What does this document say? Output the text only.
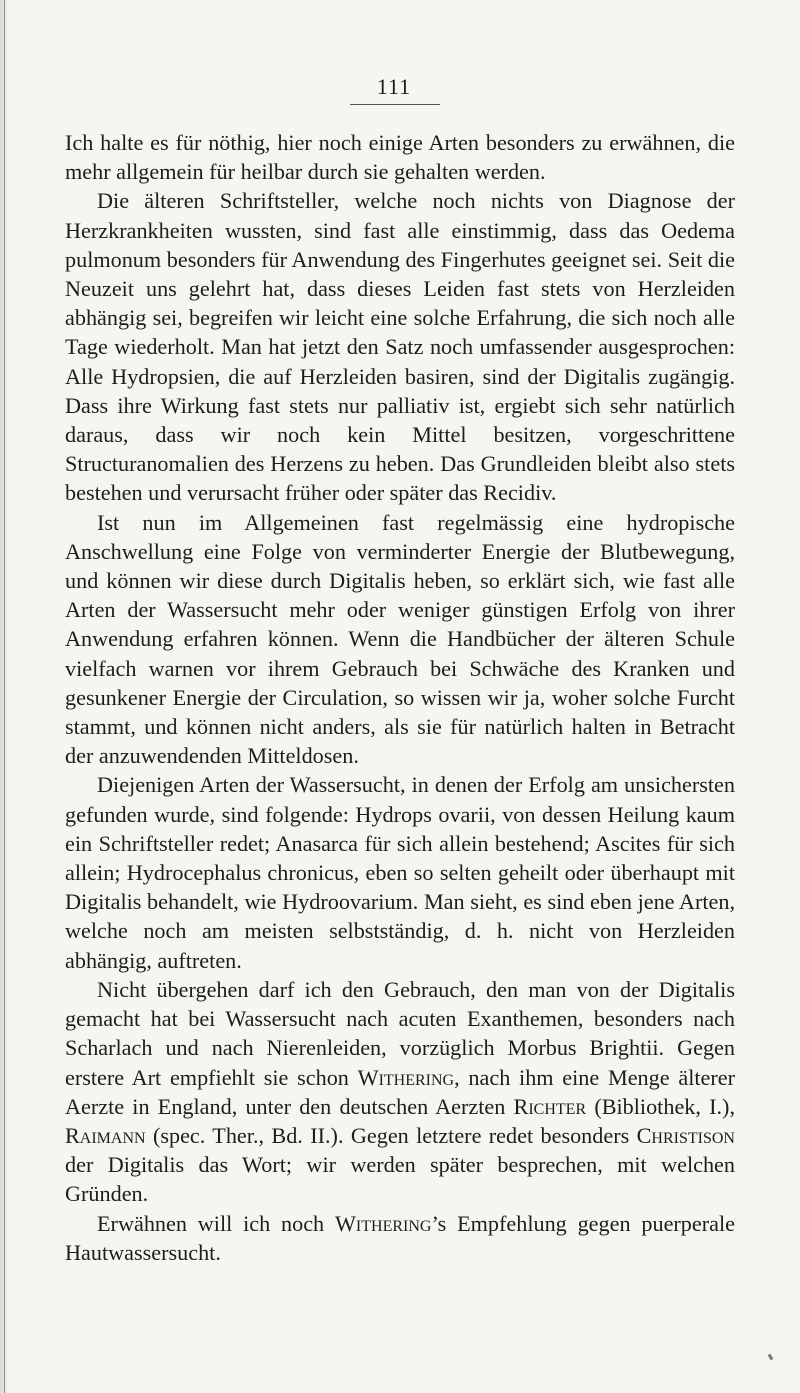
111

Ich halte es für nöthig, hier noch einige Arten besonders zu erwähnen, die mehr allgemein für heilbar durch sie gehalten werden.

Die älteren Schriftsteller, welche noch nichts von Diagnose der Herzkrankheiten wussten, sind fast alle einstimmig, dass das Oedema pulmonum besonders für Anwendung des Fingerhutes geeignet sei. Seit die Neuzeit uns gelehrt hat, dass dieses Leiden fast stets von Herzleiden abhängig sei, begreifen wir leicht eine solche Erfahrung, die sich noch alle Tage wiederholt. Man hat jetzt den Satz noch umfassender ausgesprochen: Alle Hydropsien, die auf Herzleiden basiren, sind der Digitalis zugängig. Dass ihre Wirkung fast stets nur palliativ ist, ergiebt sich sehr natürlich daraus, dass wir noch kein Mittel besitzen, vorgeschrittene Structuranomalien des Herzens zu heben. Das Grundleiden bleibt also stets bestehen und verursacht früher oder später das Recidiv.

Ist nun im Allgemeinen fast regelmässig eine hydropische Anschwellung eine Folge von verminderter Energie der Blutbewegung, und können wir diese durch Digitalis heben, so erklärt sich, wie fast alle Arten der Wassersucht mehr oder weniger günstigen Erfolg von ihrer Anwendung erfahren können. Wenn die Handbücher der älteren Schule vielfach warnen vor ihrem Gebrauch bei Schwäche des Kranken und gesunkener Energie der Circulation, so wissen wir ja, woher solche Furcht stammt, und können nicht anders, als sie für natürlich halten in Betracht der anzuwendenden Mitteldosen.

Diejenigen Arten der Wassersucht, in denen der Erfolg am unsichersten gefunden wurde, sind folgende: Hydrops ovarii, von dessen Heilung kaum ein Schriftsteller redet; Anasarca für sich allein bestehend; Ascites für sich allein; Hydrocephalus chronicus, eben so selten geheilt oder überhaupt mit Digitalis behandelt, wie Hydroovarium. Man sieht, es sind eben jene Arten, welche noch am meisten selbstständig, d. h. nicht von Herzleiden abhängig, auftreten.

Nicht übergehen darf ich den Gebrauch, den man von der Digitalis gemacht hat bei Wassersucht nach acuten Exanthemen, besonders nach Scharlach und nach Nierenleiden, vorzüglich Morbus Brightii. Gegen erstere Art empfiehlt sie schon Withering, nach ihm eine Menge älterer Aerzte in England, unter den deutschen Aerzten Richter (Bibliothek, I.), Raimann (spec. Ther., Bd. II.). Gegen letztere redet besonders Christison der Digitalis das Wort; wir werden später besprechen, mit welchen Gründen.

Erwähnen will ich noch Withering’s Empfehlung gegen puerperale Hautwassersucht.
